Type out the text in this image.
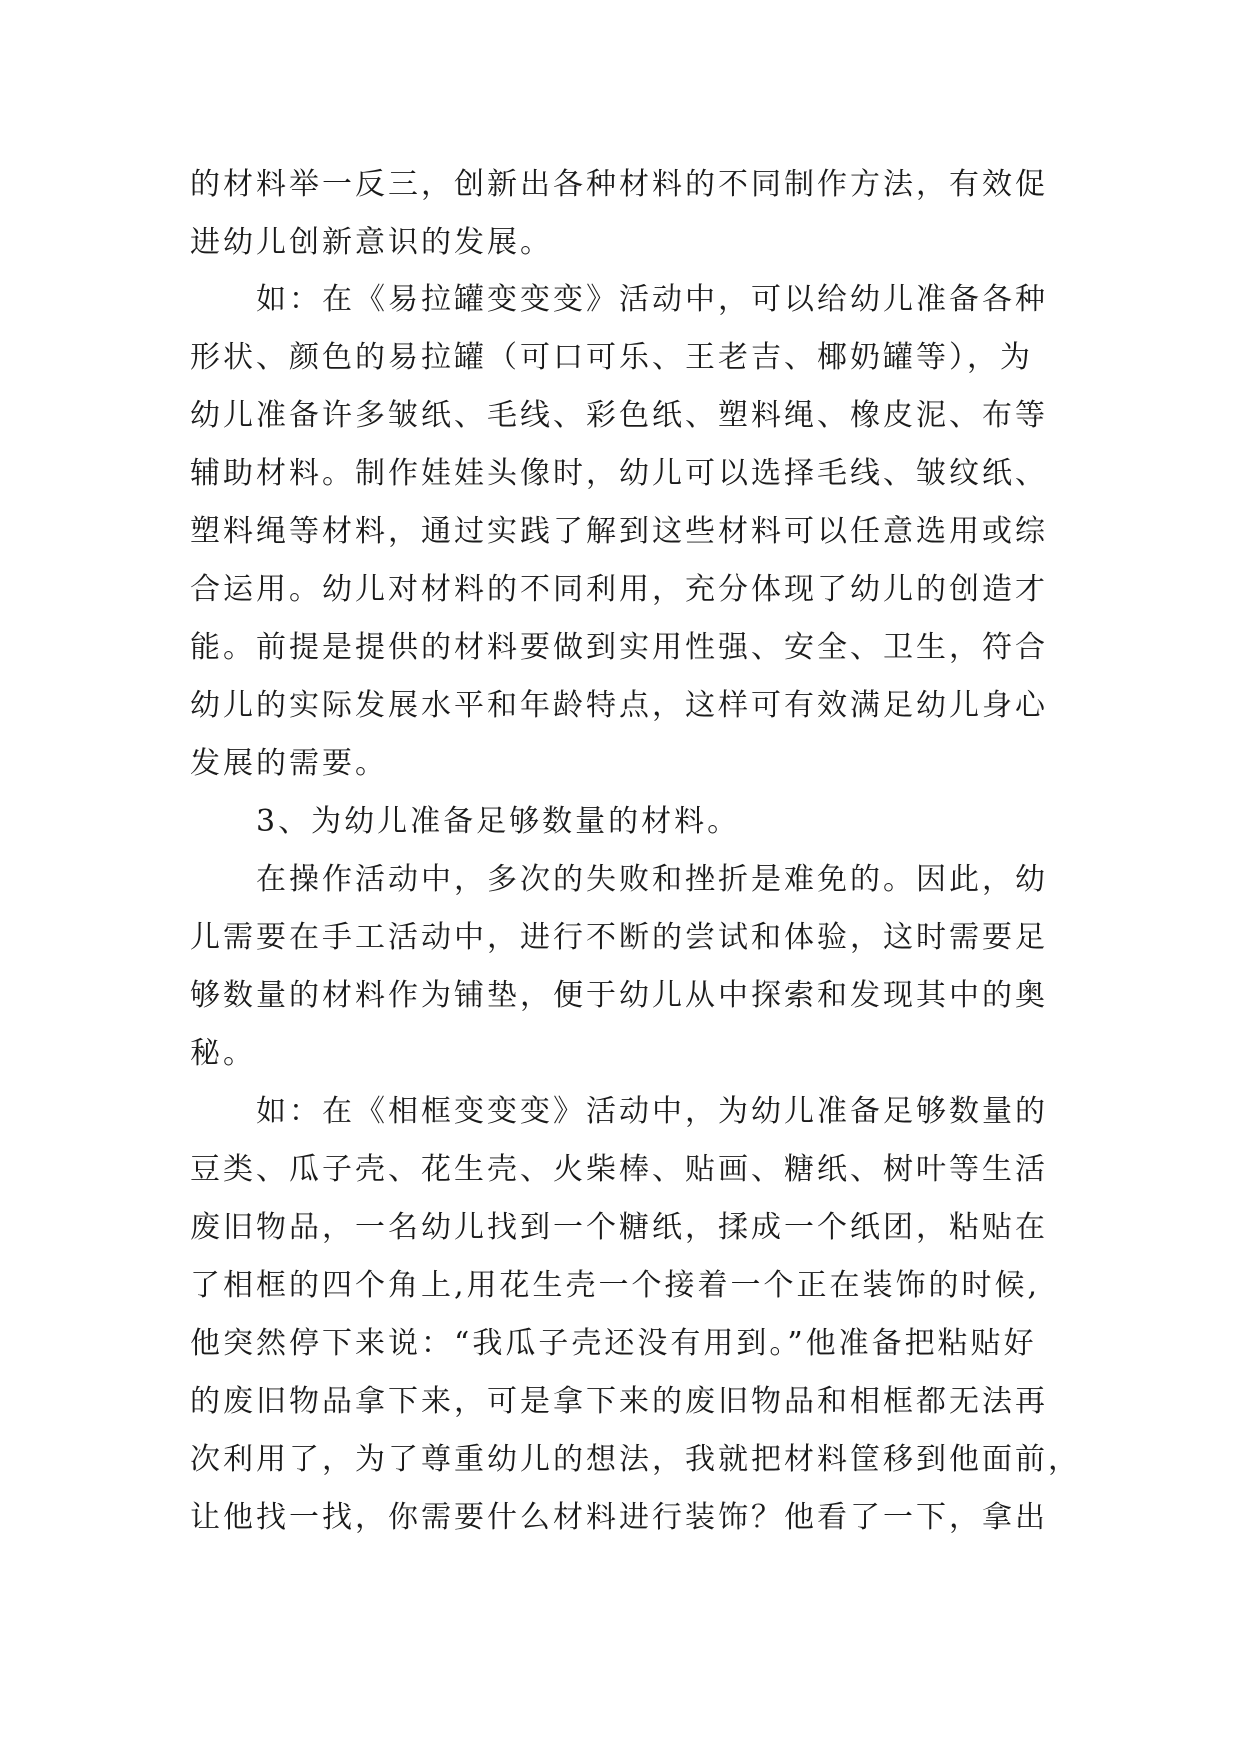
的材料举一反三，创新出各种材料的不同制作方法，有效促
进幼儿创新意识的发展。
　　如：在《易拉罐变变变》活动中，可以给幼儿准备各种
形状、颜色的易拉罐（可口可乐、王老吉、椰奶罐等），为
幼儿准备许多皱纸、毛线、彩色纸、塑料绳、橡皮泥、布等
辅助材料。制作娃娃头像时，幼儿可以选择毛线、皱纹纸、
塑料绳等材料，通过实践了解到这些材料可以任意选用或综
合运用。幼儿对材料的不同利用，充分体现了幼儿的创造才
能。前提是提供的材料要做到实用性强、安全、卫生，符合
幼儿的实际发展水平和年龄特点，这样可有效满足幼儿身心
发展的需要。
　　3、为幼儿准备足够数量的材料。
　　在操作活动中，多次的失败和挫折是难免的。因此，幼
儿需要在手工活动中，进行不断的尝试和体验，这时需要足
够数量的材料作为铺垫，便于幼儿从中探索和发现其中的奥
秘。
　　如：在《相框变变变》活动中，为幼儿准备足够数量的
豆类、瓜子壳、花生壳、火柴棒、贴画、糖纸、树叶等生活
废旧物品，一名幼儿找到一个糖纸，揉成一个纸团，粘贴在
了相框的四个角上,用花生壳一个接着一个正在装饰的时候,
他突然停下来说：“我瓜子壳还没有用到。”他准备把粘贴好
的废旧物品拿下来，可是拿下来的废旧物品和相框都无法再
次利用了，为了尊重幼儿的想法，我就把材料筐移到他面前，
让他找一找，你需要什么材料进行装饰？他看了一下，拿出
